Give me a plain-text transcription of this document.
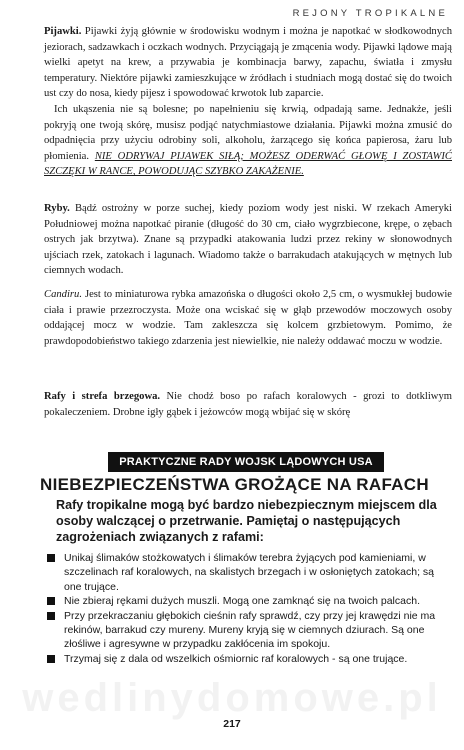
REJONY TROPIKALNE

Pijawki. Pijawki żyją głównie w środowisku wodnym i można je napotkać w słodkowodnych jeziorach, sadzawkach i oczkach wodnych. Przyciągają je zmącenia wody. Pijawki lądowe mają wielki apetyt na krew, a przywabia je kombinacja barwy, zapachu, światła i zmysłu temperatury. Niektóre pijawki zamieszkujące w źródłach i studniach mogą dostać się do twoich ust czy do nosa, kiedy pijesz i spowodować krwotok lub zaparcie.

Ich ukąszenia nie są bolesne; po napełnieniu się krwią, odpadają same. Jednakże, jeśli pokryją one twoją skórę, musisz podjąć natychmiastowe działania. Pijawki można zmusić do odpadnięcia przy użyciu odrobiny soli, alkoholu, żarzącego się końca papierosa, żaru lub płomienia. NIE ODRYWAJ PIJAWEK SIŁĄ; MOŻESZ ODERWAĆ GŁOWĘ I ZOSTAWIĆ SZCZĘKI W RANCE, POWODUJĄC SZYBKO ZAKAŻENIE.

Ryby. Bądź ostrożny w porze suchej, kiedy poziom wody jest niski. W rzekach Ameryki Południowej można napotkać piranie (długość do 30 cm, ciało wygrzbiecone, krępe, o zębach ostrych jak brzytwa). Znane są przypadki atakowania ludzi przez rekiny w słonowodnych ujściach rzek, zatokach i lagunach. Wiadomo także o barrakudach atakujących w mętnych lub ciemnych wodach.

Candiru. Jest to miniaturowa rybka amazońska o długości około 2,5 cm, o wysmukłej budowie ciała i prawie przezroczysta. Może ona wciskać się w głąb przewodów moczowych osoby oddającej mocz w wodzie. Tam zakleszcza się kolcem grzbietowym. Pomimo, że prawdopodobieństwo takiego zdarzenia jest niewielkie, nie należy oddawać moczu w wodzie.

Rafy i strefa brzegowa. Nie chodź boso po rafach koralowych - grozi to dotkliwym pokaleczeniem. Drobne igły gąbek i jeżowców mogą wbijać się w skórę

PRAKTYCZNE RADY WOJSK LĄDOWYCH USA
NIEBEZPIECZEŃSTWA GROŻĄCE NA RAFACH

Rafy tropikalne mogą być bardzo niebezpiecznym miejscem dla osoby walczącej o przetrwanie. Pamiętaj o następujących zagrożeniach związanych z rafami:

Unikaj ślimaków stożkowatych i ślimaków terebra żyjących pod kamieniami, w szczelinach raf koralowych, na skalistych brzegach i w osłoniętych zatokach; są one trujące.
Nie zbieraj rękami dużych muszli. Mogą one zamknąć się na twoich palcach.
Przy przekraczaniu głębokich cieśnin rafy sprawdź, czy przy jej krawędzi nie ma rekinów, barrakud czy mureny. Mureny kryją się w ciemnych dziurach. Są one złośliwe i agresywne w przypadku zakłócenia im spokoju.
Trzymaj się z dala od wszelkich ośmiornic raf koralowych - są one trujące.
wedlinydomowe.pl
217
